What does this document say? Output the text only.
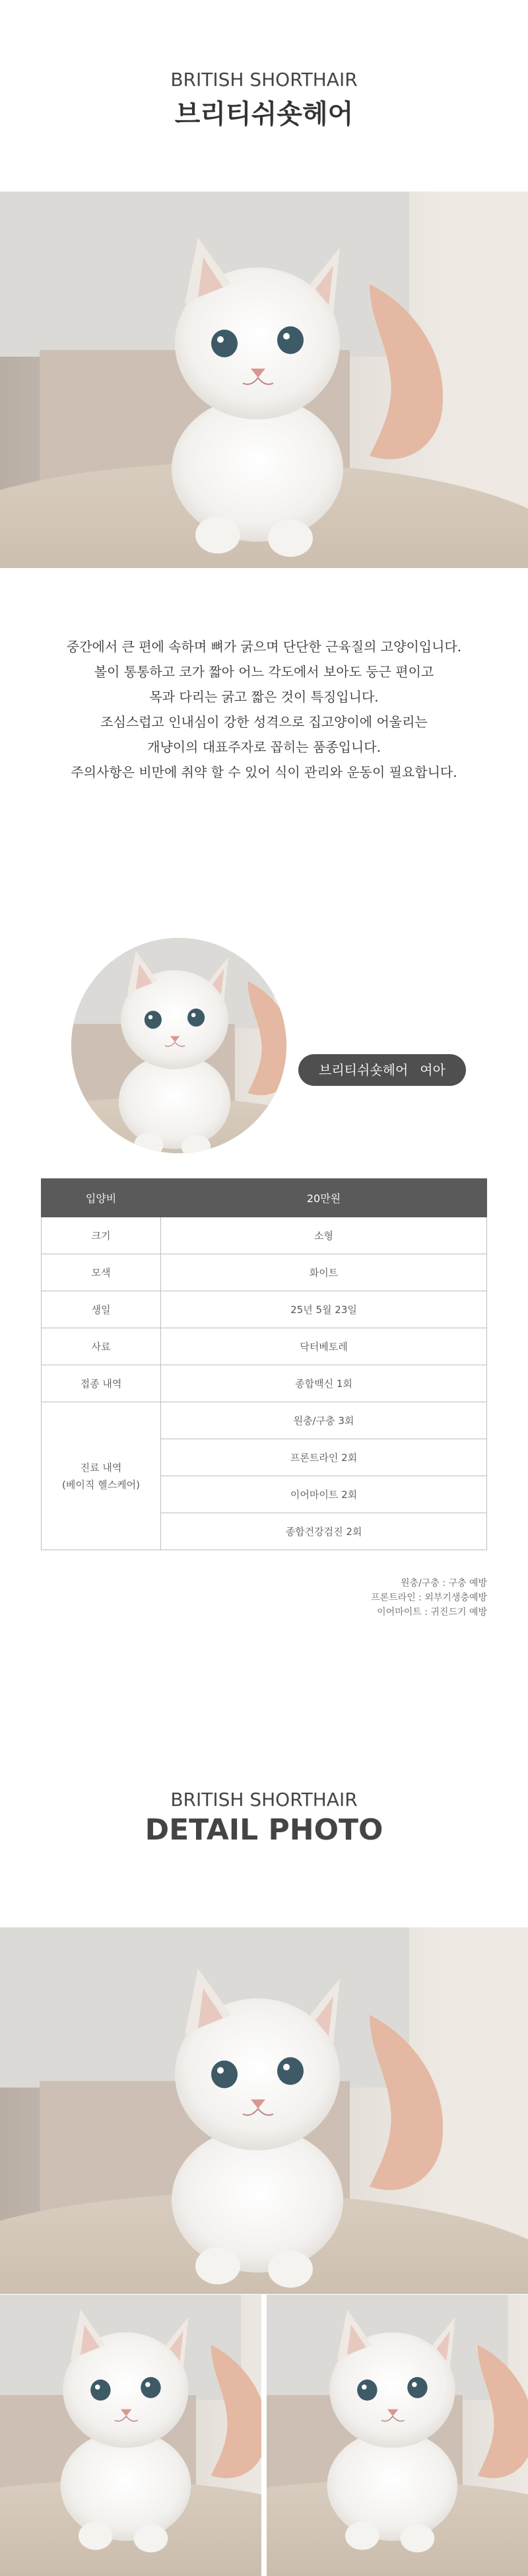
BRITISH SHORTHAIR
브리티쉬숏헤어

중간에서 큰 편에 속하며 뼈가 굵으며 단단한 근육질의 고양이입니다.

볼이 통통하고 코가 짧아 어느 각도에서 보아도 둥근 편이고

목과 다리는 굵고 짧은 것이 특징입니다.

조심스럽고 인내심이 강한 성격으로 집고양이에 어울리는

개냥이의 대표주자로 꼽히는 품종입니다.

주의사항은 비만에 취약 할 수 있어 식이 관리와 운동이 필요합니다.

브리티쉬숏헤어 여아
입양비	20만원
크기	소형
모색	화이트
생일	25년 5월 23일
사료	닥터베토레
접종 내역	종합백신 1회

진료 내역
(베이직 헬스케어)	원충/구충 3회
	프론트라인 2회
	이어마이트 2회
	종합건강검진 2회
원충/구충 : 구충 예방
프론트라인 : 외부기생충예방
이어마이트 : 귀진드기 예방
BRITISH SHORTHAIR
DETAIL PHOTO
